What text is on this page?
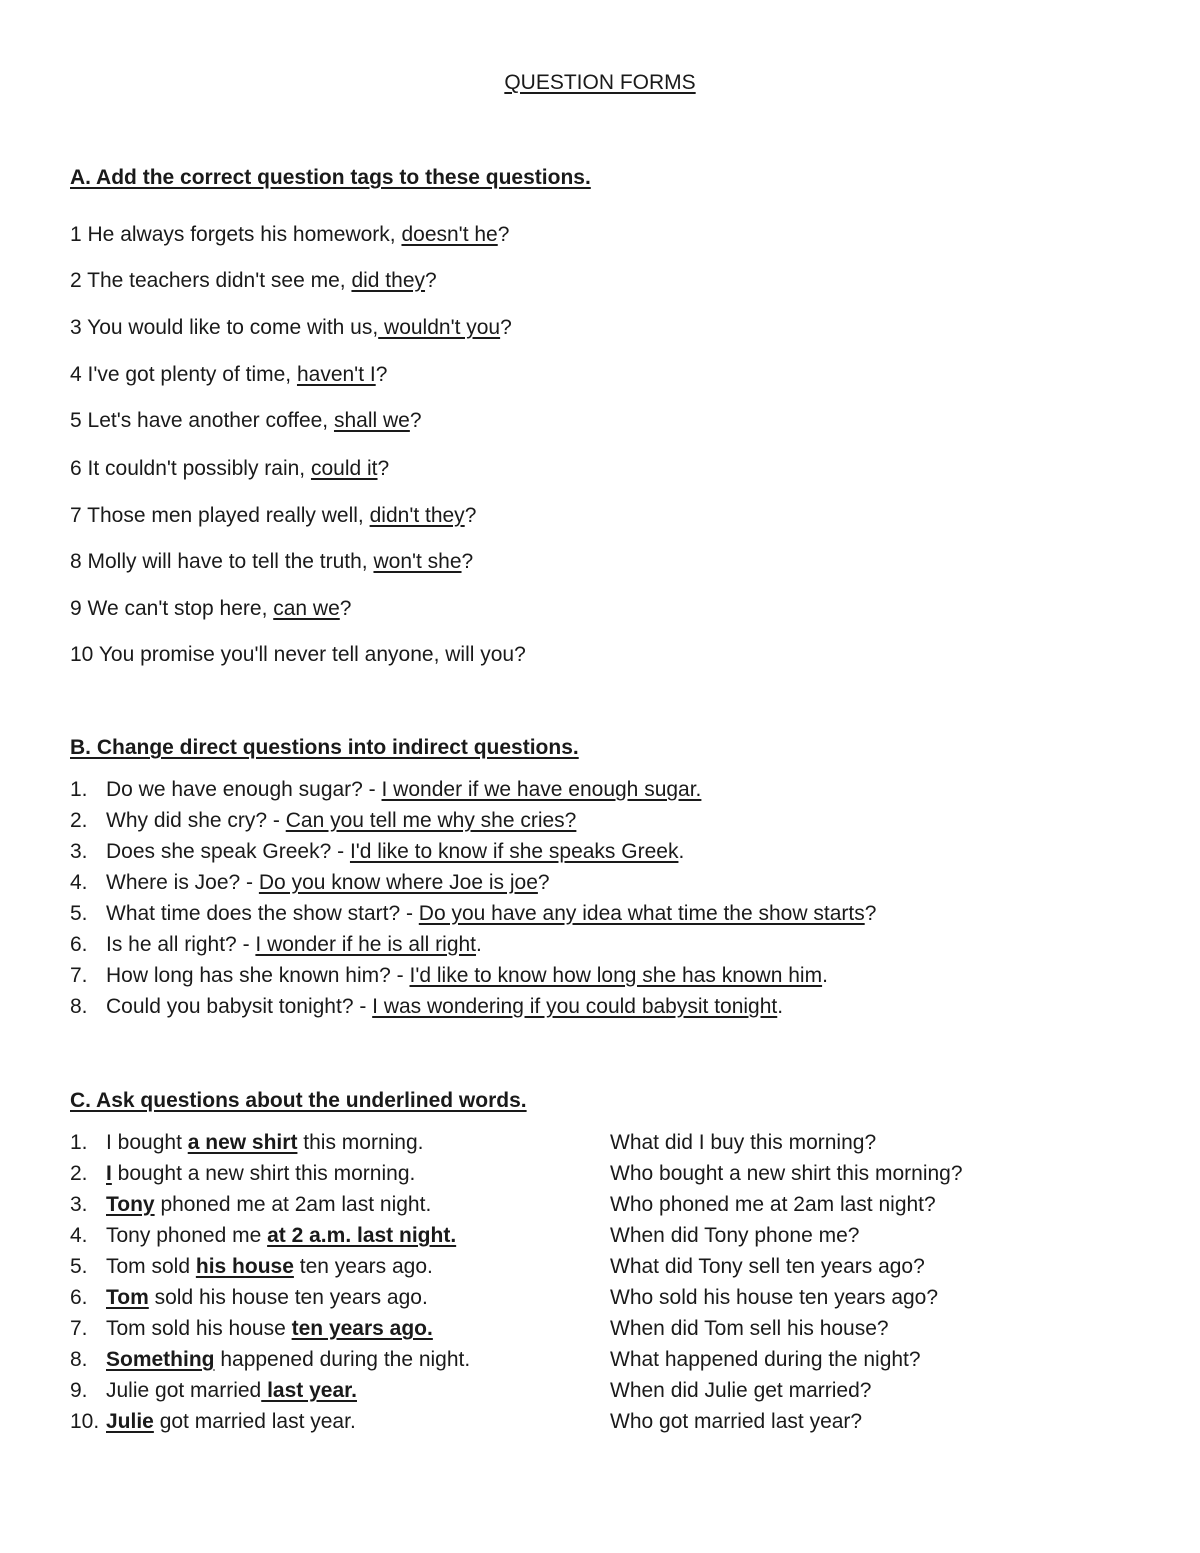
QUESTION FORMS
A. Add the correct question tags to these questions.
1 He always forgets his homework, doesn't he?
2 The teachers didn't see me, did they?
3 You would like to come with us, wouldn't you?
4 I've got plenty of time, haven't I?
5 Let's have another coffee, shall we?
6 It couldn't possibly rain, could it?
7 Those men played really well, didn't they?
8 Molly will have to tell the truth, won't she?
9 We can't stop here, can we?
10 You promise you'll never tell anyone, will you?
B. Change direct questions into indirect questions.
1. Do we have enough sugar? - I wonder if we have enough sugar.
2. Why did she cry? - Can you tell me why she cries?
3. Does she speak Greek? - I'd like to know if she speaks Greek.
4. Where is Joe? - Do you know where Joe is joe?
5. What time does the show start? - Do you have any idea what time the show starts?
6. Is he all right? - I wonder if he is all right.
7. How long has she known him? - I'd like to know how long she has known him.
8. Could you babysit tonight? - I was wondering if you could babysit tonight.
C. Ask questions about the underlined words.
1. I bought a new shirt this morning.	What did I buy this morning?
2. I bought a new shirt this morning.	Who bought a new shirt this morning?
3. Tony phoned me at 2am last night.	Who phoned me at 2am last night?
4. Tony phoned me at 2 a.m. last night.	When did Tony phone me?
5. Tom sold his house ten years ago.	What did Tony sell ten years ago?
6. Tom sold his house ten years ago.	Who sold his house ten years ago?
7. Tom sold his house ten years ago.	When did Tom sell his house?
8. Something happened during the night.	What happened during the night?
9. Julie got married last year.	When did Julie get married?
10. Julie got married last year.	Who got married last year?
